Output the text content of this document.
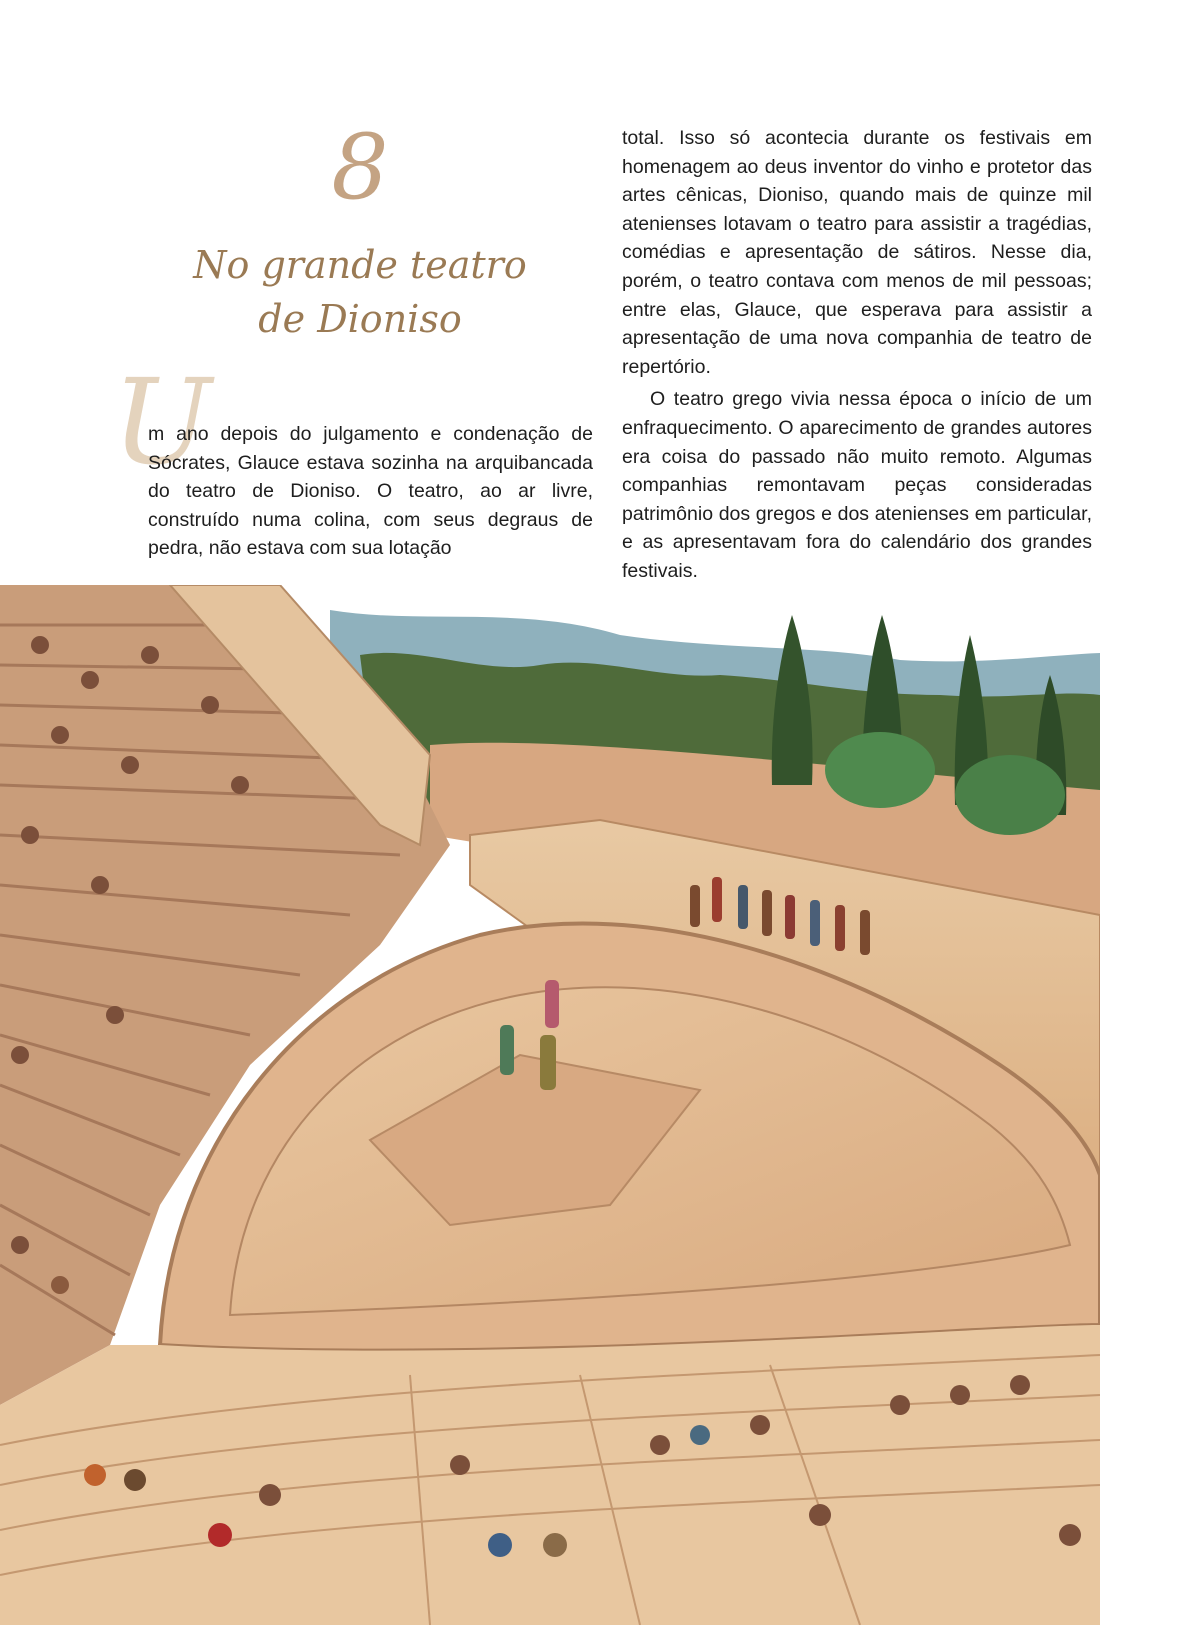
8
No grande teatro
de Dioniso
U

m ano depois do julgamento e condenação de Sócrates, Glauce estava sozinha na arquibancada do teatro de Dioniso. O teatro, ao ar livre, construído numa colina, com seus degraus de pedra, não estava com sua lotação

total. Isso só acontecia durante os festivais em homenagem ao deus inventor do vinho e protetor das artes cênicas, Dioniso, quando mais de quinze mil atenienses lotavam o teatro para assistir a tragédias, comédias e apresentação de sátiros. Nesse dia, porém, o teatro contava com menos de mil pessoas; entre elas, Glauce, que esperava para assistir a apresentação de uma nova companhia de teatro de repertório.

O teatro grego vivia nessa época o início de um enfraquecimento. O aparecimento de grandes autores era coisa do passado não muito remoto. Algumas companhias remontavam peças consideradas patrimônio dos gregos e dos atenienses em particular, e as apresentavam fora do calendário dos grandes festivais.
